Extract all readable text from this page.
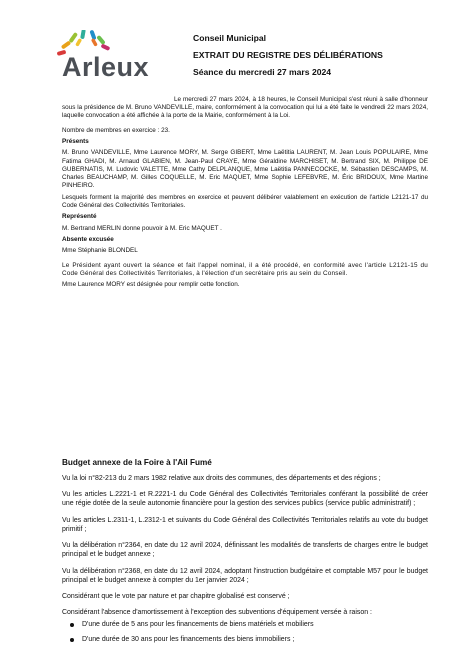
Arleux
Conseil Municipal
EXTRAIT DU REGISTRE DES DÉLIBÉRATIONS
Séance du mercredi 27 mars 2024

Le mercredi 27 mars 2024, à 18 heures, le Conseil Municipal s'est réuni à salle d'honneur sous la présidence de M. Bruno VANDEVILLE, maire, conformément à la convocation qui lui a été faite le vendredi 22 mars 2024, laquelle convocation a été affichée à la porte de la Mairie, conformément à la Loi.

Nombre de membres en exercice : 23.

Présents

M. Bruno VANDEVILLE, Mme Laurence MORY, M. Serge GIBERT, Mme Laëtitia LAURENT, M. Jean Louis POPULAIRE, Mme Fatima GHADI, M. Arnaud GLABIEN, M. Jean-Paul CRAYE, Mme Géraldine MARCHISET, M. Bertrand SIX, M. Philippe DE GUBERNATIS, M. Ludovic VALETTE, Mme Cathy DELPLANQUE, Mme Laëtitia PANNECOCKE, M. Sébastien DESCAMPS, M. Charles BEAUCHAMP, M. Gilles COQUELLE, M. Eric MAQUET, Mme Sophie LEFEBVRE, M. Éric BRIDOUX, Mme Martine PINHEIRO.

Lesquels forment la majorité des membres en exercice et peuvent délibérer valablement en exécution de l'article L2121-17 du Code Général des Collectivités Territoriales.

Représenté

M. Bertrand MERLIN donne pouvoir à M. Eric MAQUET .

Absente excusée

Mme Stéphanie BLONDEL

Le Président ayant ouvert la séance et fait l'appel nominal, il a été procédé, en conformité avec l'article L2121-15 du Code Général des Collectivités Territoriales, à l'élection d'un secrétaire pris au sein du Conseil.

Mme Laurence MORY est désignée pour remplir cette fonction.

Budget annexe de la Foire à l'Ail Fumé

Vu la loi n°82-213 du 2 mars 1982 relative aux droits des communes, des départements et des régions ;

Vu les articles L.2221-1 et R.2221-1 du Code Général des Collectivités Territoriales conférant la possibilité de créer une régie dotée de la seule autonomie financière pour la gestion des services publics (service public administratif) ;

Vu les articles L.2311-1, L.2312-1 et suivants du Code Général des Collectivités Territoriales relatifs au vote du budget primitif ;

Vu la délibération n°2364, en date du 12 avril 2024, définissant les modalités de transferts de charges entre le budget principal et le budget annexe ;

Vu la délibération n°2368, en date du 12 avril 2024, adoptant l'instruction budgétaire et comptable M57 pour le budget principal et le budget annexe à compter du 1er janvier 2024 ;

Considérant que le vote par nature et par chapitre globalisé est conservé ;

Considérant l'absence d'amortissement à l'exception des subventions d'équipement versée à raison :

D'une durée de 5 ans pour les financements de biens matériels et mobiliers
D'une durée de 30 ans pour les financements des biens immobiliers ;
